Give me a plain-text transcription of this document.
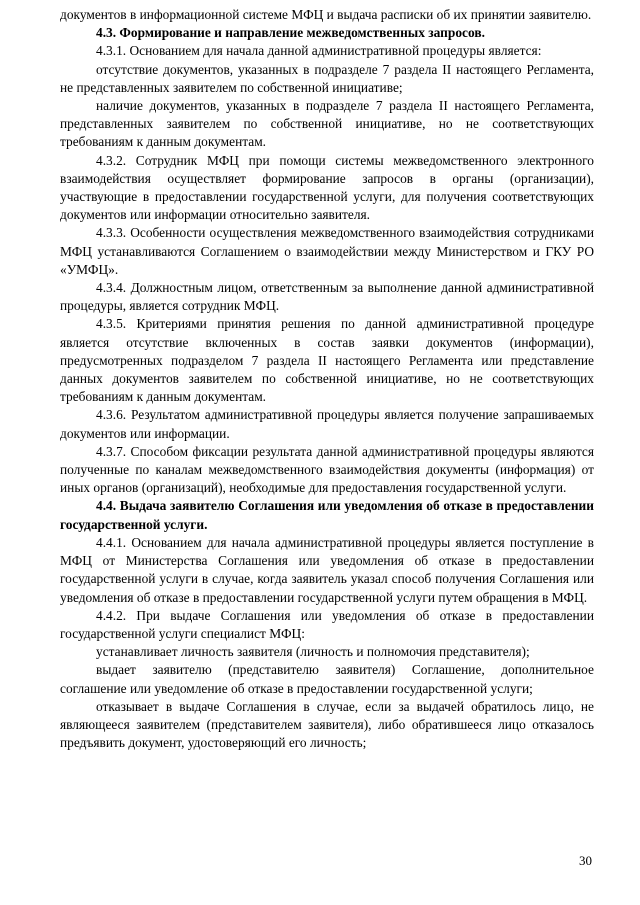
документов в информационной системе МФЦ и выдача расписки об их принятии заявителю.

4.3. Формирование и направление межведомственных запросов.

4.3.1. Основанием для начала данной административной процедуры является:

отсутствие документов, указанных в подразделе 7 раздела II настоящего Регламента, не представленных заявителем по собственной инициативе;

наличие документов, указанных в подразделе 7 раздела II настоящего Регламента, представленных заявителем по собственной инициативе, но не соответствующих требованиям к данным документам.

4.3.2. Сотрудник МФЦ при помощи системы межведомственного электронного взаимодействия осуществляет формирование запросов в органы (организации), участвующие в предоставлении государственной услуги, для получения соответствующих документов или информации относительно заявителя.

4.3.3. Особенности осуществления межведомственного взаимодействия сотрудниками МФЦ устанавливаются Соглашением о взаимодействии между Министерством и ГКУ РО «УМФЦ».

4.3.4. Должностным лицом, ответственным за выполнение данной административной процедуры, является сотрудник МФЦ.

4.3.5. Критериями принятия решения по данной административной процедуре является отсутствие включенных в состав заявки документов (информации), предусмотренных подразделом 7 раздела II настоящего Регламента или представление данных документов заявителем по собственной инициативе, но не соответствующих требованиям к данным документам.

4.3.6. Результатом административной процедуры является получение запрашиваемых документов или информации.

4.3.7. Способом фиксации результата данной административной процедуры являются полученные по каналам межведомственного взаимодействия документы (информация) от иных органов (организаций), необходимые для предоставления государственной услуги.

4.4. Выдача заявителю Соглашения или уведомления об отказе в предоставлении государственной услуги.

4.4.1. Основанием для начала административной процедуры является поступление в МФЦ от Министерства Соглашения или уведомления об отказе в предоставлении государственной услуги в случае, когда заявитель указал способ получения Соглашения или уведомления об отказе в предоставлении государственной услуги путем обращения в МФЦ.

4.4.2. При выдаче Соглашения или уведомления об отказе в предоставлении государственной услуги специалист МФЦ:

устанавливает личность заявителя (личность и полномочия представителя);

выдает заявителю (представителю заявителя) Соглашение, дополнительное соглашение или уведомление об отказе в предоставлении государственной услуги;

отказывает в выдаче Соглашения в случае, если за выдачей обратилось лицо, не являющееся заявителем (представителем заявителя), либо обратившееся лицо отказалось предъявить документ, удостоверяющий его личность;

30
